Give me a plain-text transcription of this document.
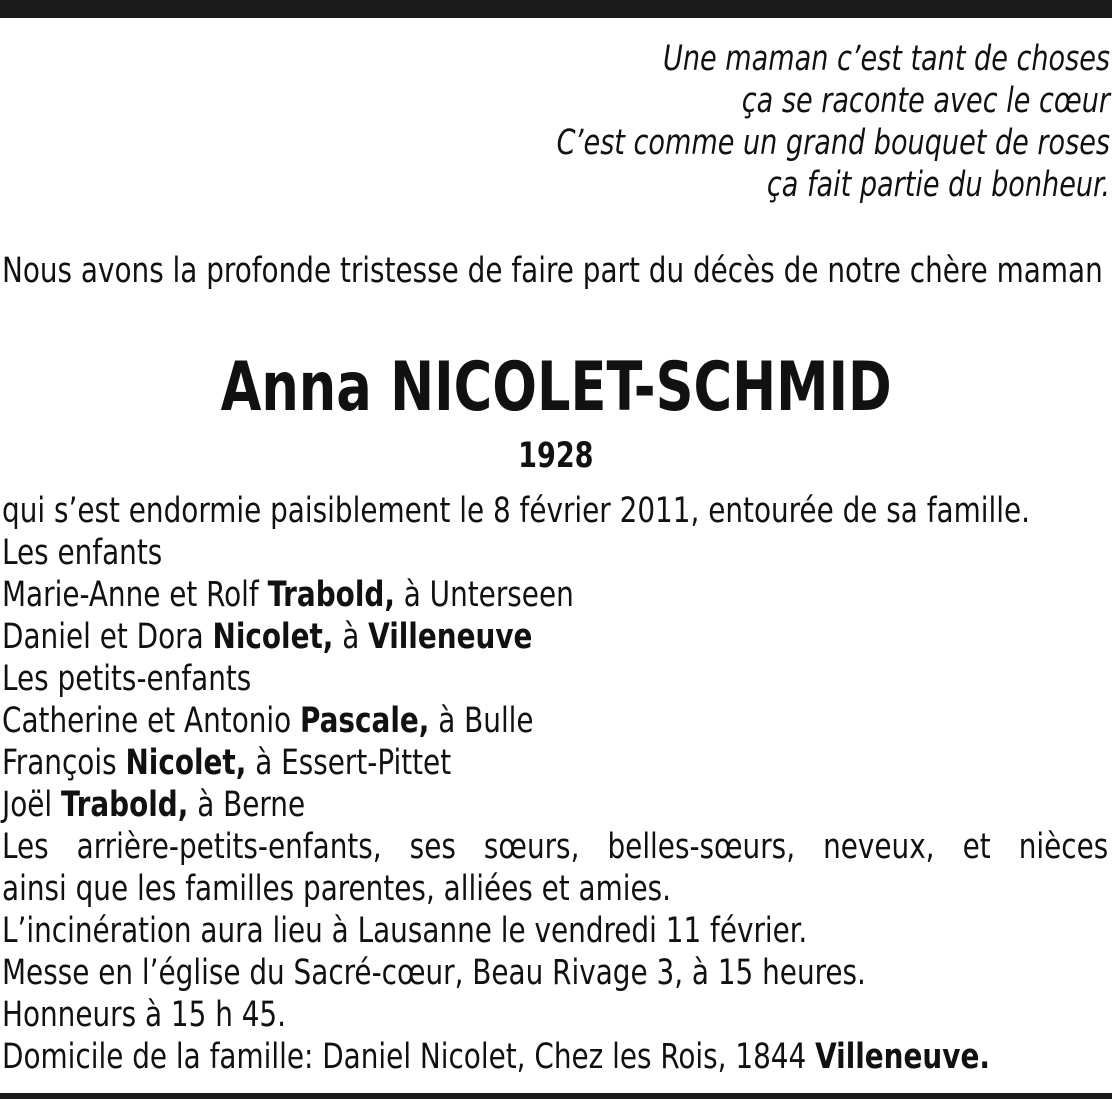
Une maman c’est tant de choses
ça se raconte avec le cœur
C’est comme un grand bouquet de roses
ça fait partie du bonheur.
Nous avons la profonde tristesse de faire part du décès de notre chère maman
Anna NICOLET-SCHMID
1928
qui s’est endormie paisiblement le 8 février 2011, entourée de sa famille.
Les enfants
Marie-Anne et Rolf Trabold, à Unterseen
Daniel et Dora Nicolet, à Villeneuve
Les petits-enfants
Catherine et Antonio Pascale, à Bulle
François Nicolet, à Essert-Pittet
Joël Trabold, à Berne
Les arrière-petits-enfants, ses sœurs, belles-sœurs, neveux, et nièces
ainsi que les familles parentes, alliées et amies.
L’incinération aura lieu à Lausanne le vendredi 11 février.
Messe en l’église du Sacré-cœur, Beau Rivage 3, à 15 heures.
Honneurs à 15 h 45.
Domicile de la famille: Daniel Nicolet, Chez les Rois, 1844 Villeneuve.
